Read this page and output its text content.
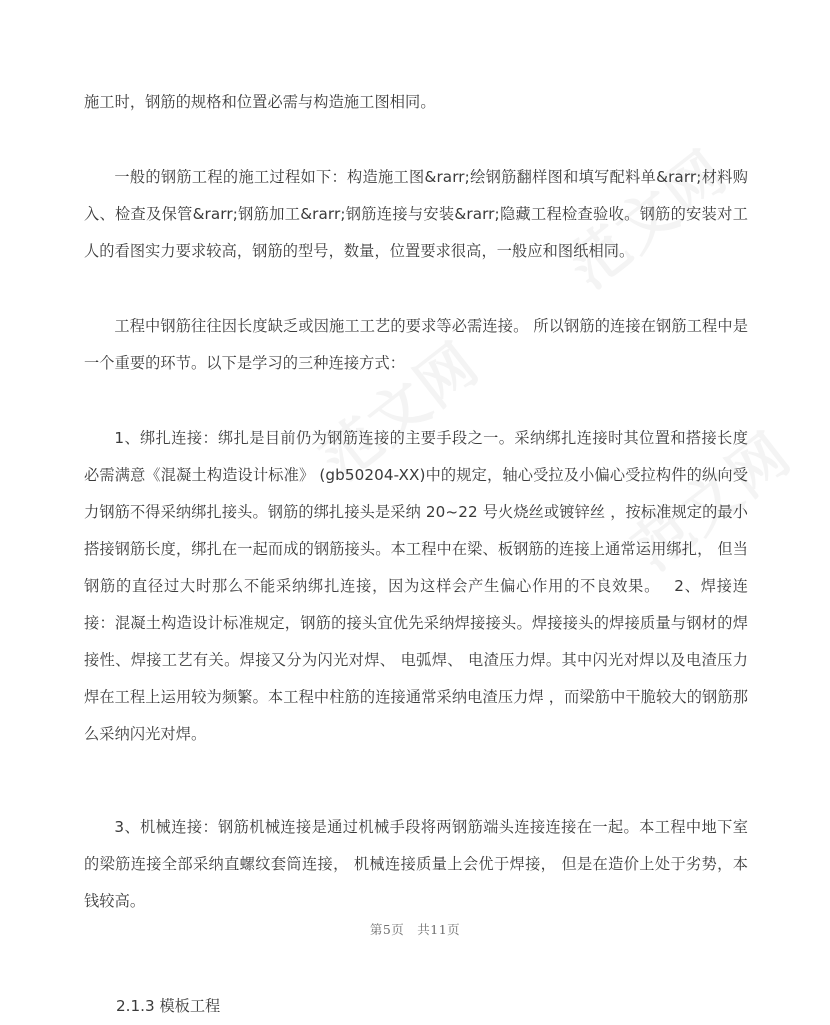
施工时，钢筋的规格和位置必需与构造施工图相同。

一般的钢筋工程的施工过程如下：构造施工图&rarr;绘钢筋翻样图和填写配料单&rarr;材料购入、检查及保管&rarr;钢筋加工&rarr;钢筋连接与安装&rarr;隐藏工程检查验收。钢筋的安装对工人的看图实力要求较高，钢筋的型号，数量，位置要求很高，一般应和图纸相同。

工程中钢筋往往因长度缺乏或因施工工艺的要求等必需连接。 所以钢筋的连接在钢筋工程中是一个重要的环节。以下是学习的三种连接方式：

1、绑扎连接：绑扎是目前仍为钢筋连接的主要手段之一。采纳绑扎连接时其位置和搭接长度必需满意《混凝土构造设计标准》 (gb50204-XX)中的规定，轴心受拉及小偏心受拉构件的纵向受力钢筋不得采纳绑扎接头。钢筋的绑扎接头是采纳 20~22 号火烧丝或镀锌丝 ，按标准规定的最小搭接钢筋长度，绑扎在一起而成的钢筋接头。本工程中在梁、板钢筋的连接上通常运用绑扎， 但当钢筋的直径过大时那么不能采纳绑扎连接，因为这样会产生偏心作用的不良效果。　 2、焊接连接：混凝土构造设计标准规定，钢筋的接头宜优先采纳焊接接头。焊接接头的焊接质量与钢材的焊接性、焊接工艺有关。焊接又分为闪光对焊、 电弧焊、 电渣压力焊。其中闪光对焊以及电渣压力焊在工程上运用较为频繁。本工程中柱筋的连接通常采纳电渣压力焊 ，而梁筋中干脆较大的钢筋那么采纳闪光对焊。

3、机械连接：钢筋机械连接是通过机械手段将两钢筋端头连接连接在一起。本工程中地下室的梁筋连接全部采纳直螺纹套筒连接， 机械连接质量上会优于焊接， 但是在造价上处于劣势，本钱较高。

2.1.3 模板工程

第5页　共11页
